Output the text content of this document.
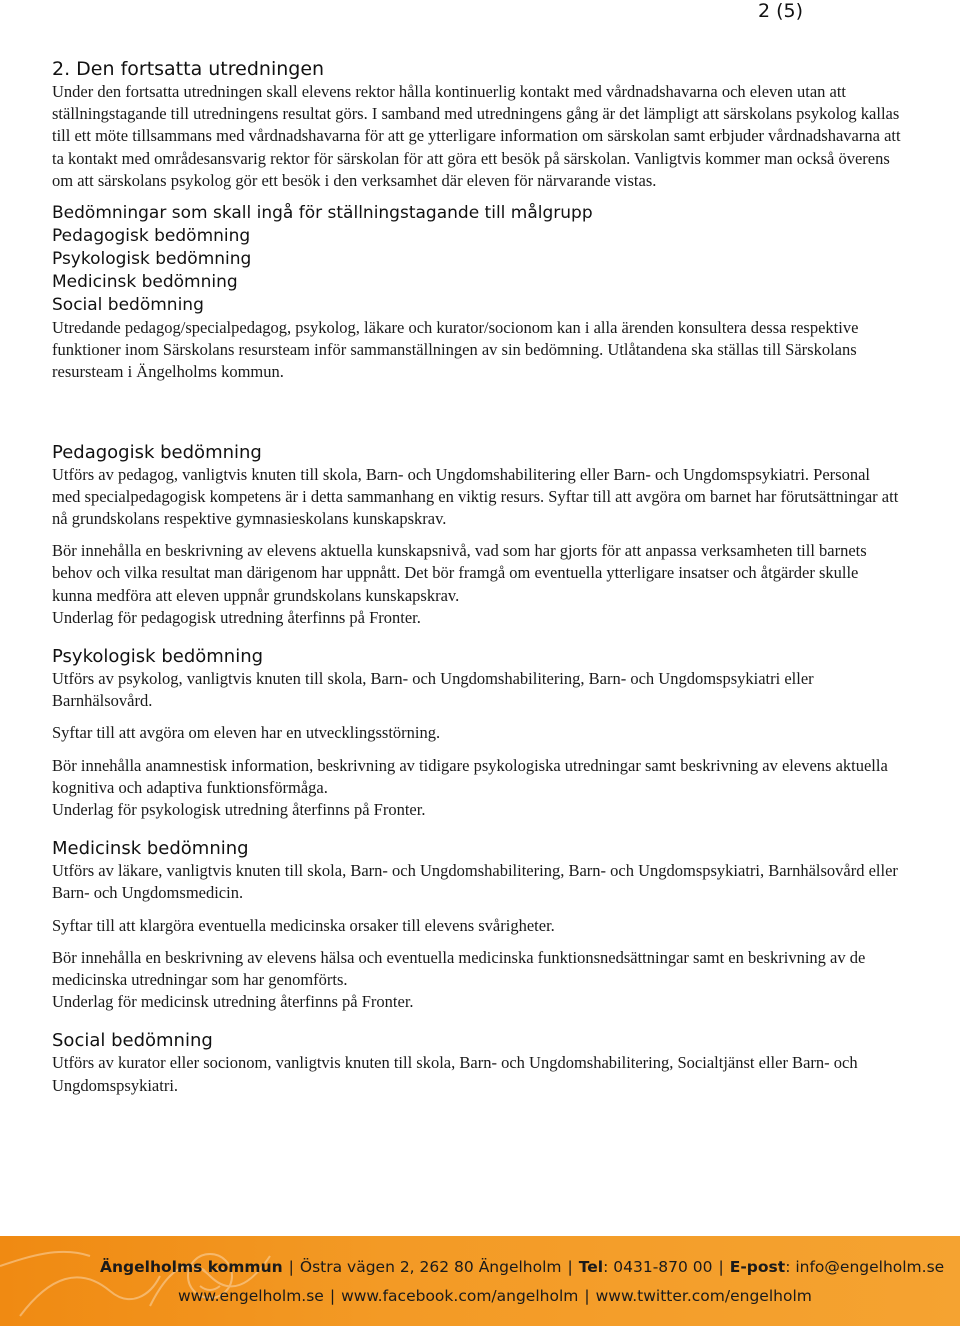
2 (5)
2. Den fortsatta utredningen

Under den fortsatta utredningen skall elevens rektor hålla kontinuerlig kontakt med vårdnadshavarna och eleven utan att ställningstagande till utredningens resultat görs. I samband med utredningens gång är det lämpligt att särskolans psykolog kallas till ett möte tillsammans med vårdnadshavarna för att ge ytterligare information om särskolan samt erbjuder vårdnadshavarna att ta kontakt med områdesansvarig rektor för särskolan för att göra ett besök på särskolan. Vanligtvis kommer man också överens om att särskolans psykolog gör ett besök i den verksamhet där eleven för närvarande vistas.

Bedömningar som skall ingå för ställningstagande till målgrupp
Pedagogisk bedömning
Psykologisk bedömning
Medicinsk bedömning
Social bedömning

Utredande pedagog/specialpedagog, psykolog, läkare och kurator/socionom kan i alla ärenden konsultera dessa respektive funktioner inom Särskolans resursteam inför sammanställningen av sin bedömning. Utlåtandena ska ställas till Särskolans resursteam i Ängelholms kommun.

Pedagogisk bedömning

Utförs av pedagog, vanligtvis knuten till skola, Barn- och Ungdomshabilitering eller Barn- och Ungdomspsykiatri. Personal med specialpedagogisk kompetens är i detta sammanhang en viktig resurs. Syftar till att avgöra om barnet har förutsättningar att nå grundskolans respektive gymnasieskolans kunskapskrav.

Bör innehålla en beskrivning av elevens aktuella kunskapsnivå, vad som har gjorts för att anpassa verksamheten till barnets behov och vilka resultat man därigenom har uppnått. Det bör framgå om eventuella ytterligare insatser och åtgärder skulle kunna medföra att eleven uppnår grundskolans kunskapskrav.

Underlag för pedagogisk utredning återfinns på Fronter.

Psykologisk bedömning

Utförs av psykolog, vanligtvis knuten till skola, Barn- och Ungdomshabilitering, Barn- och Ungdomspsykiatri eller Barnhälsovård.

Syftar till att avgöra om eleven har en utvecklingsstörning.

Bör innehålla anamnestisk information, beskrivning av tidigare psykologiska utredningar samt beskrivning av elevens aktuella kognitiva och adaptiva funktionsförmåga.

Underlag för psykologisk utredning återfinns på Fronter.

Medicinsk bedömning

Utförs av läkare, vanligtvis knuten till skola, Barn- och Ungdomshabilitering, Barn- och Ungdomspsykiatri, Barnhälsovård eller Barn- och Ungdomsmedicin.

Syftar till att klargöra eventuella medicinska orsaker till elevens svårigheter.

Bör innehålla en beskrivning av elevens hälsa och eventuella medicinska funktionsnedsättningar samt en beskrivning av de medicinska utredningar som har genomförts.

Underlag för medicinsk utredning återfinns på Fronter.

Social bedömning

Utförs av kurator eller socionom, vanligtvis knuten till skola, Barn- och Ungdomshabilitering, Socialtjänst eller Barn- och Ungdomspsykiatri.

Ängelholms kommun | Östra vägen 2, 262 80 Ängelholm | Tel: 0431-870 00 | E-post: info@engelholm.se
www.engelholm.se | www.facebook.com/angelholm | www.twitter.com/engelholm
